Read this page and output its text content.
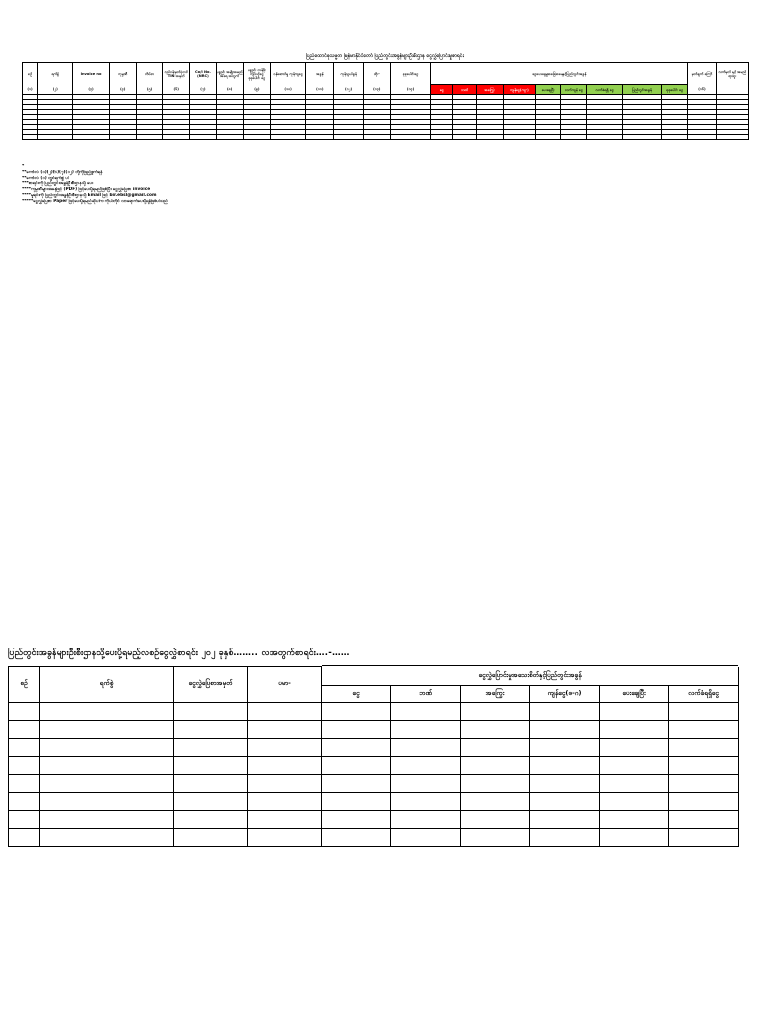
ပြည်ထောင်စုသမ္မတ မြန်မာနိုင်ငံတော် ပြည်တွင်းအခွန်များဦးစီးဌာန ငွေလွှဲပြောင်းမှုစာရင်း
စဉ်	ရက်စွဲ	Invoice no	ကုမ္ပဏီ	လိပ်စာ	လုပ်ငန်းမှတ်ပုံတင် TIN အမှတ်	Co/I No. (NRC)	ပစ္စည်း အမျိုးအမည် အရေ အတွက်	ပစ္စည်း တန်ဖိုး ကျသင့်ငွေ စုစုပေါင်း ငွေ	ဝန်ဆောင်မှု ကုန်ကျငွေ	အခွန်	ကုန်သွယ်ခွန်	ထိုး-	စုစုပေါင်းငွေ	ငွေပေးချေမှုအခြေအနေနှင့်ပြည်တွင်းအခွန်									မှတ်ချက် ကြော်	လက်မှတ် နှင့် အမည် ရာထူး
(၁)	(၂)	(၃)	(၄)	(၅)	(၆)	(၇)	(၈)	(၉)	(၁၀)	(၁၁)	(၁၂)	(၁၃)	(၁၄)	ငွေ	ဘဏ်	အကြွေး	ကျန်ငွေ(ကျ-)	ပေးချေပြီး	လက်ကျန် ငွေ	လက်ခံရရှိ ငွေ	ပြည်တွင်းအခွန်	စုစုပေါင်း ငွေ	(၁၆)	

*
**ကော်လံ (၁)(၂)(၆)(၇)(၁၂) တို့ကိုဖြည့်စွက်ရန်
**ကော်လံ (၁) တွင်ရက်စွဲ ပါ
***စာရင်းကို ပြည်တွင်းအခွန်ဦးစီးဌာနသို့ ပေး
****ကုမ္ပဏီများအနေဖြင့် (PDF) ဖြင့်ပေးပို့ရမည်ဖြစ်ပြီး ငွေလွှဲပြေစာ invoice
****မူရင်းကို ပြည်တွင်းအခွန်ဦးစီးဌာနသို့ Email ဖြင့် bir.ebsl@gmail.com
*****ငွေလွှဲပြေစာ Paper ဖြင့်ပေးပို့ရမည်ဆိုပါက ကိုယ်တိုင် လာရောက်ပေးပို့ရန်ဖြစ်ပါသည်
ပြည်တွင်းအခွန်များဦးစီးဌာနသို့ပေးပို့ရမည့်လစဉ်ငွေလွှဲစာရင်း ၂၀၂ ခုနှစ်…….. လအတွက်စာရင်း….-……
စဉ်	ရက်စွဲ	ငွေလွှဲပြေစာအမှတ်	ပမာ-	ငွေလွှဲပြောင်းမှုအသေးစိတ်နှင့်ပြည်တွင်းအခွန်					
				ငွေ	ဘဏ်	အကြွေး	ကျန်ငွေ(ဖ-ဂ)	ပေးချေပြီး	လက်ခံရရှိငွေ
